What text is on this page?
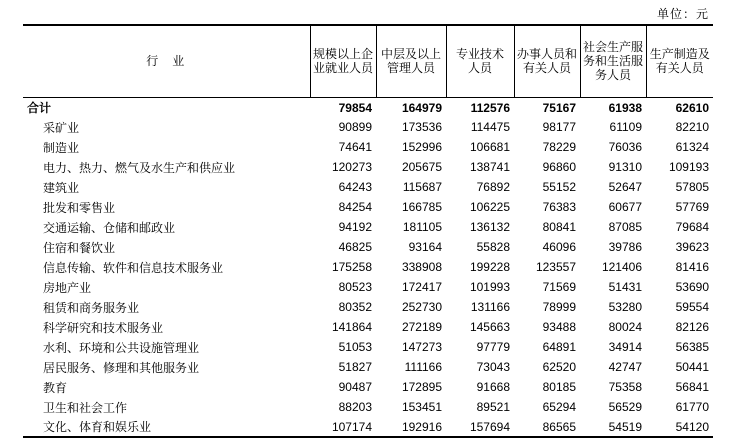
单位：元
行业	规模以上企业就业人员	中层及以上管理人员	专业技术人员	办事人员和有关人员	社会生产服务和生活服务人员	生产制造及有关人员
合计	79854	164979	112576	75167	61938	62610
采矿业	90899	173536	114475	98177	61109	82210
制造业	74641	152996	106681	78229	76036	61324
电力、热力、燃气及水生产和供应业	120273	205675	138741	96860	91310	109193
建筑业	64243	115687	76892	55152	52647	57805
批发和零售业	84254	166785	106225	76383	60677	57769
交通运输、仓储和邮政业	94192	181105	136132	80841	87085	79684
住宿和餐饮业	46825	93164	55828	46096	39786	39623
信息传输、软件和信息技术服务业	175258	338908	199228	123557	121406	81416
房地产业	80523	172417	101993	71569	51431	53690
租赁和商务服务业	80352	252730	131166	78999	53280	59554
科学研究和技术服务业	141864	272189	145663	93488	80024	82126
水利、环境和公共设施管理业	51053	147273	97779	64891	34914	56385
居民服务、修理和其他服务业	51827	111166	73043	62520	42747	50441
教育	90487	172895	91668	80185	75358	56841
卫生和社会工作	88203	153451	89521	65294	56529	61770
文化、体育和娱乐业	107174	192916	157694	86565	54519	54120
